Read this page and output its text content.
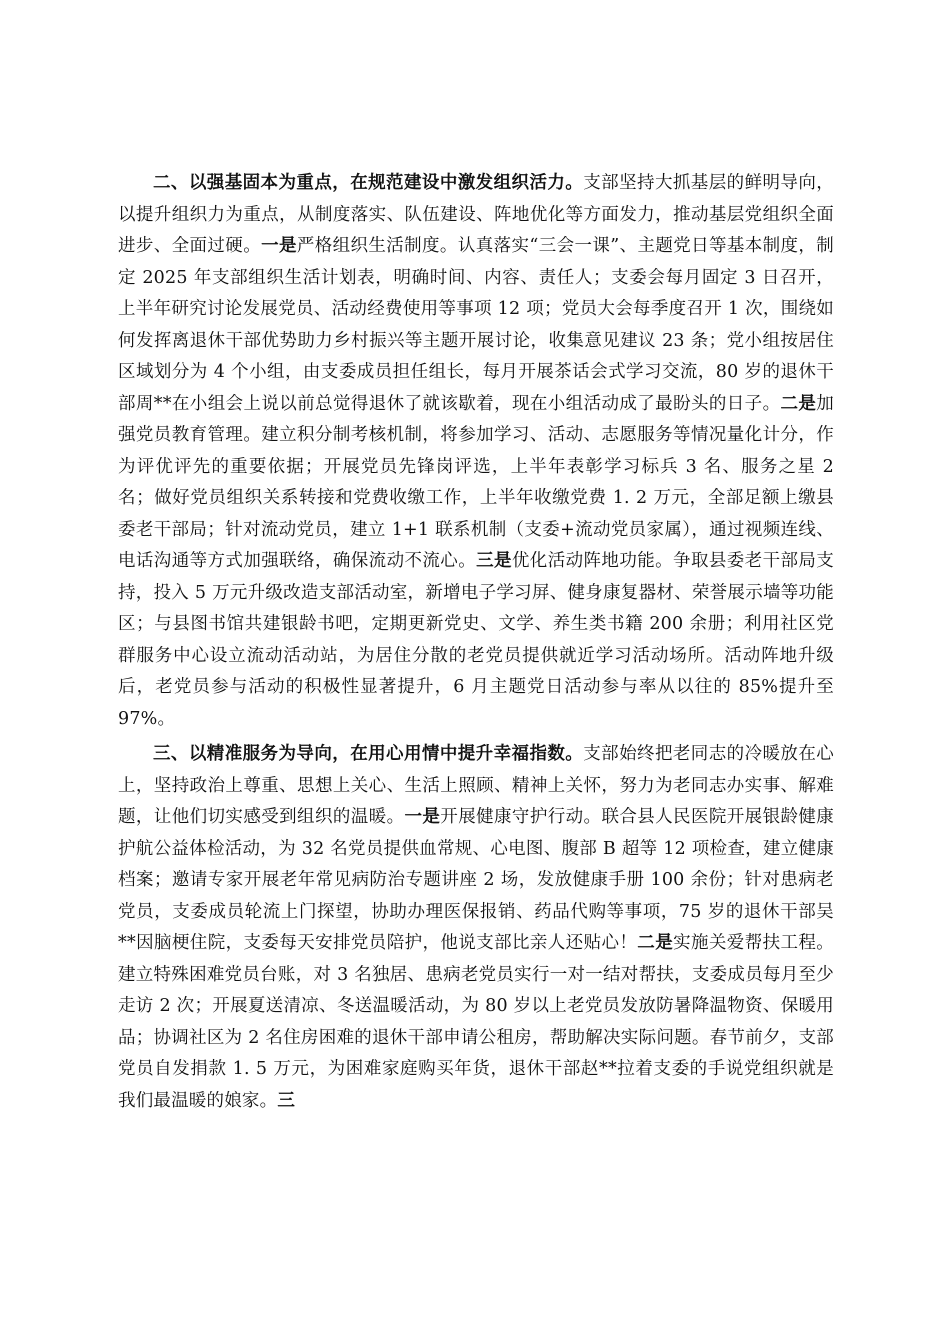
二、以强基固本为重点，在规范建设中激发组织活力。支部坚持大抓基层的鲜明导向，以提升组织力为重点，从制度落实、队伍建设、阵地优化等方面发力，推动基层党组织全面进步、全面过硬。一是严格组织生活制度。认真落实“三会一课”、主题党日等基本制度，制定 2025 年支部组织生活计划表，明确时间、内容、责任人；支委会每月固定 3 日召开，上半年研究讨论发展党员、活动经费使用等事项 12 项；党员大会每季度召开 1 次，围绕如何发挥离退休干部优势助力乡村振兴等主题开展讨论，收集意见建议 23 条；党小组按居住区域划分为 4 个小组，由支委成员担任组长，每月开展茶话会式学习交流，80 岁的退休干部周**在小组会上说以前总觉得退休了就该歇着，现在小组活动成了最盼头的日子。二是加强党员教育管理。建立积分制考核机制，将参加学习、活动、志愿服务等情况量化计分，作为评优评先的重要依据；开展党员先锋岗评选，上半年表彰学习标兵 3 名、服务之星 2 名；做好党员组织关系转接和党费收缴工作，上半年收缴党费 1. 2 万元，全部足额上缴县委老干部局；针对流动党员，建立 1+1 联系机制（支委+流动党员家属），通过视频连线、电话沟通等方式加强联络，确保流动不流心。三是优化活动阵地功能。争取县委老干部局支持，投入 5 万元升级改造支部活动室，新增电子学习屏、健身康复器材、荣誉展示墙等功能区；与县图书馆共建银龄书吧，定期更新党史、文学、养生类书籍 200 余册；利用社区党群服务中心设立流动活动站，为居住分散的老党员提供就近学习活动场所。活动阵地升级后，老党员参与活动的积极性显著提升，6 月主题党日活动参与率从以往的 85%提升至 97%。

三、以精准服务为导向，在用心用情中提升幸福指数。支部始终把老同志的冷暖放在心上，坚持政治上尊重、思想上关心、生活上照顾、精神上关怀，努力为老同志办实事、解难题，让他们切实感受到组织的温暖。一是开展健康守护行动。联合县人民医院开展银龄健康护航公益体检活动，为 32 名党员提供血常规、心电图、腹部 B 超等 12 项检查，建立健康档案；邀请专家开展老年常见病防治专题讲座 2 场，发放健康手册 100 余份；针对患病老党员，支委成员轮流上门探望，协助办理医保报销、药品代购等事项，75 岁的退休干部吴**因脑梗住院，支委每天安排党员陪护，他说支部比亲人还贴心！二是实施关爱帮扶工程。建立特殊困难党员台账，对 3 名独居、患病老党员实行一对一结对帮扶，支委成员每月至少走访 2 次；开展夏送清凉、冬送温暖活动，为 80 岁以上老党员发放防暑降温物资、保暖用品；协调社区为 2 名住房困难的退休干部申请公租房，帮助解决实际问题。春节前夕，支部党员自发捐款 1. 5 万元，为困难家庭购买年货，退休干部赵**拉着支委的手说党组织就是我们最温暖的娘家。三
